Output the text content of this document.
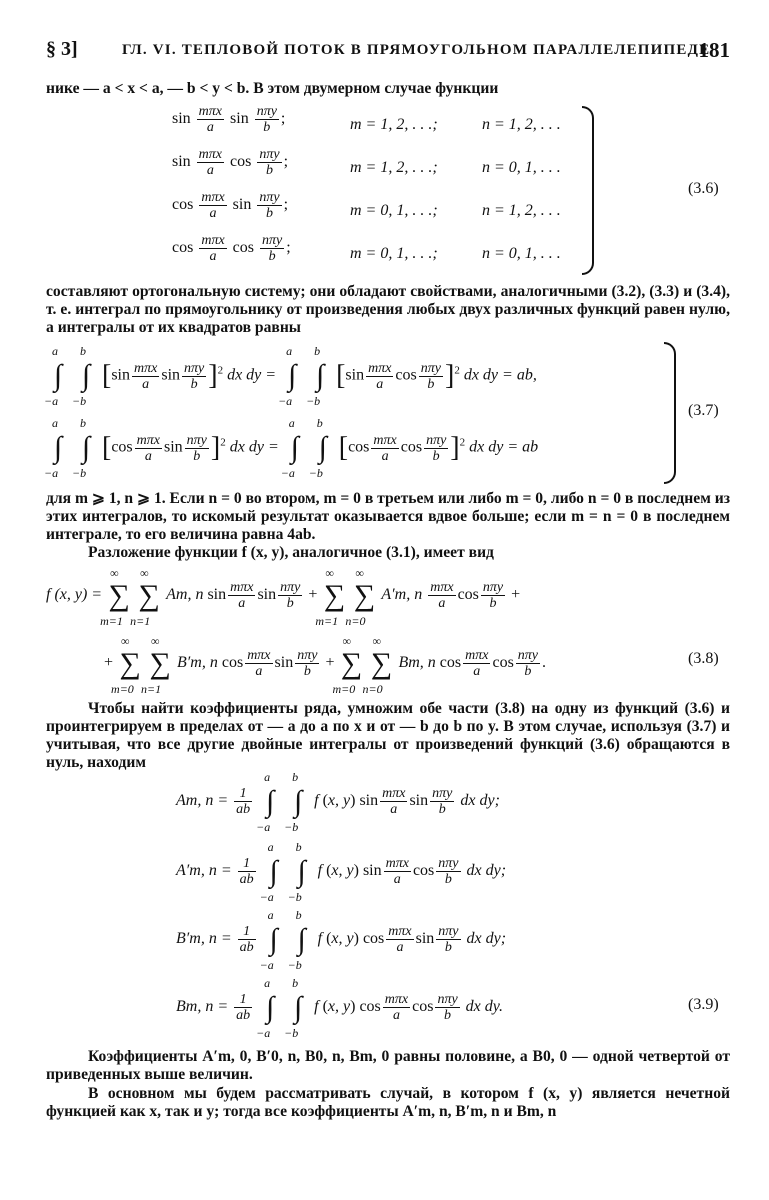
§ 3]	ГЛ. VI. ТЕПЛОВОЙ ПОТОК В ПРЯМОУГОЛЬНОМ ПАРАЛЛЕЛЕПИПЕДЕ
181
нике — a < x < a, — b < y < b. В этом двумерном случае функции
$\sin \frac{\text{mπx}}{a}$ $\sin \frac{\text{nπy}}{b}$ ;	m = 1, 2, . . .;	n = 1, 2, . . .
$\sin \frac{\text{mπx}}{a}$ $\cos \frac{\text{nπy}}{b}$ ;	m = 1, 2, . . .;	n = 0, 1, . . .
$\cos \frac{\text{mπx}}{a}$ $\sin \frac{\text{nπy}}{b}$ ;	m = 0, 1, . . .;	n = 1, 2, . . .
$\cos \frac{\text{mπx}}{a}$ $\cos \frac{\text{nπy}}{b}$ ;	m = 0, 1, . . .;	n = 0, 1, . . .
(3.6)
составляют ортогональную систему; они обладают свойствами, аналогичными (3.2), (3.3) и (3.4), т. е. интеграл по прямоугольнику от произведения любых двух различных функций равен нулю, а интегралы от их квадратов равны
∫
a
−a
∫
b
−b
[$\sin \frac{\text{mπx}}{a}$ $\sin \frac{\text{nπy}}{b} ]^2$ dx dy = ∫
a
−a
∫
b
−b
[$\sin \frac{\text{mπx}}{a}$ $\cos \frac{\text{nπy}}{b} ]^2$ dx dy = ab,
∫
a
−a
∫
b
−b
[$\cos \frac{\text{mπx}}{a}$ $\sin \frac{\text{nπy}}{b} ]^2$ dx dy = ∫
a
−a
∫
b
−b
[$\cos \frac{\text{mπx}}{a}$ $\cos \frac{\text{nπy}}{b} ]^2$ dx dy = ab
(3.7)
для m ⩾ 1, n ⩾ 1. Если n = 0 во втором, m = 0 в третьем или либо m = 0, либо n = 0 в последнем из этих интегралов, то искомый результат оказывается вдвое больше; если m = n = 0 в последнем интеграле, то его величина равна 4ab.
Разложение функции f (x, y), аналогичное (3.1), имеет вид
f (x, y) = ∑
∞
m=1
∑
∞
n=1
Am, n $\sin \frac{\text{mπx}}{a}$ $\sin \frac{\text{nπy}}{b}$ + ∑
∞
m=1
∑
∞
n=0
A′m, n $\frac{\text{mπx}}{a}$ $\cos \frac{\text{nπy}}{b}$ +
+ ∑
∞
m=0
∑
∞
n=1
B′m, n $\cos \frac{\text{mπx}}{a}$ $\sin \frac{\text{nπy}}{b}$ + ∑
∞
m=0
∑
∞
n=0
Bm, n $\cos \frac{\text{mπx}}{a}$ $\cos \frac{\text{nπy}}{b}$ .	(3.8)
Чтобы найти коэффициенты ряда, умножим обе части (3.8) на одну из функций (3.6) и проинтегрируем в пределах от — a до a по x и от — b до b по y. В этом случае, используя (3.7) и учитывая, что все другие двойные интегралы от произведений функций (3.6) обращаются в нуль, находим
Am, $n = \frac{1}{ab}$ ∫
a
−a
∫
b
−b
f (x, y) $\sin \frac{\text{mπx}}{a}$ $\sin \frac{\text{nπy}}{b}$ dx dy;
A′m, $n = \frac{1}{ab}$ ∫
a
−a
∫
b
−b
f (x, y) $\sin \frac{\text{mπx}}{a}$ $\cos \frac{\text{nπy}}{b}$ dx dy;
B′m, $n = \frac{1}{ab}$ ∫
a
−a
∫
b
−b
f (x, y) $\cos \frac{\text{mπx}}{a}$ $\sin \frac{\text{nπy}}{b}$ dx dy;
Bm, $n = \frac{1}{ab}$ ∫
a
−a
∫
b
−b
f (x, y) $\cos \frac{\text{mπx}}{a}$ $\cos \frac{\text{nπy}}{b}$ dx dy.	(3.9)
Коэффициенты A′m, 0, B′0, n, B0, n, Bm, 0 равны половине, а B0, 0 — одной четвертой от приведенных выше величин.
В основном мы будем рассматривать случай, в котором f (x, y) является нечетной функцией как x, так и y; тогда все коэффициенты A′m, n, B′m, n и Bm, n
